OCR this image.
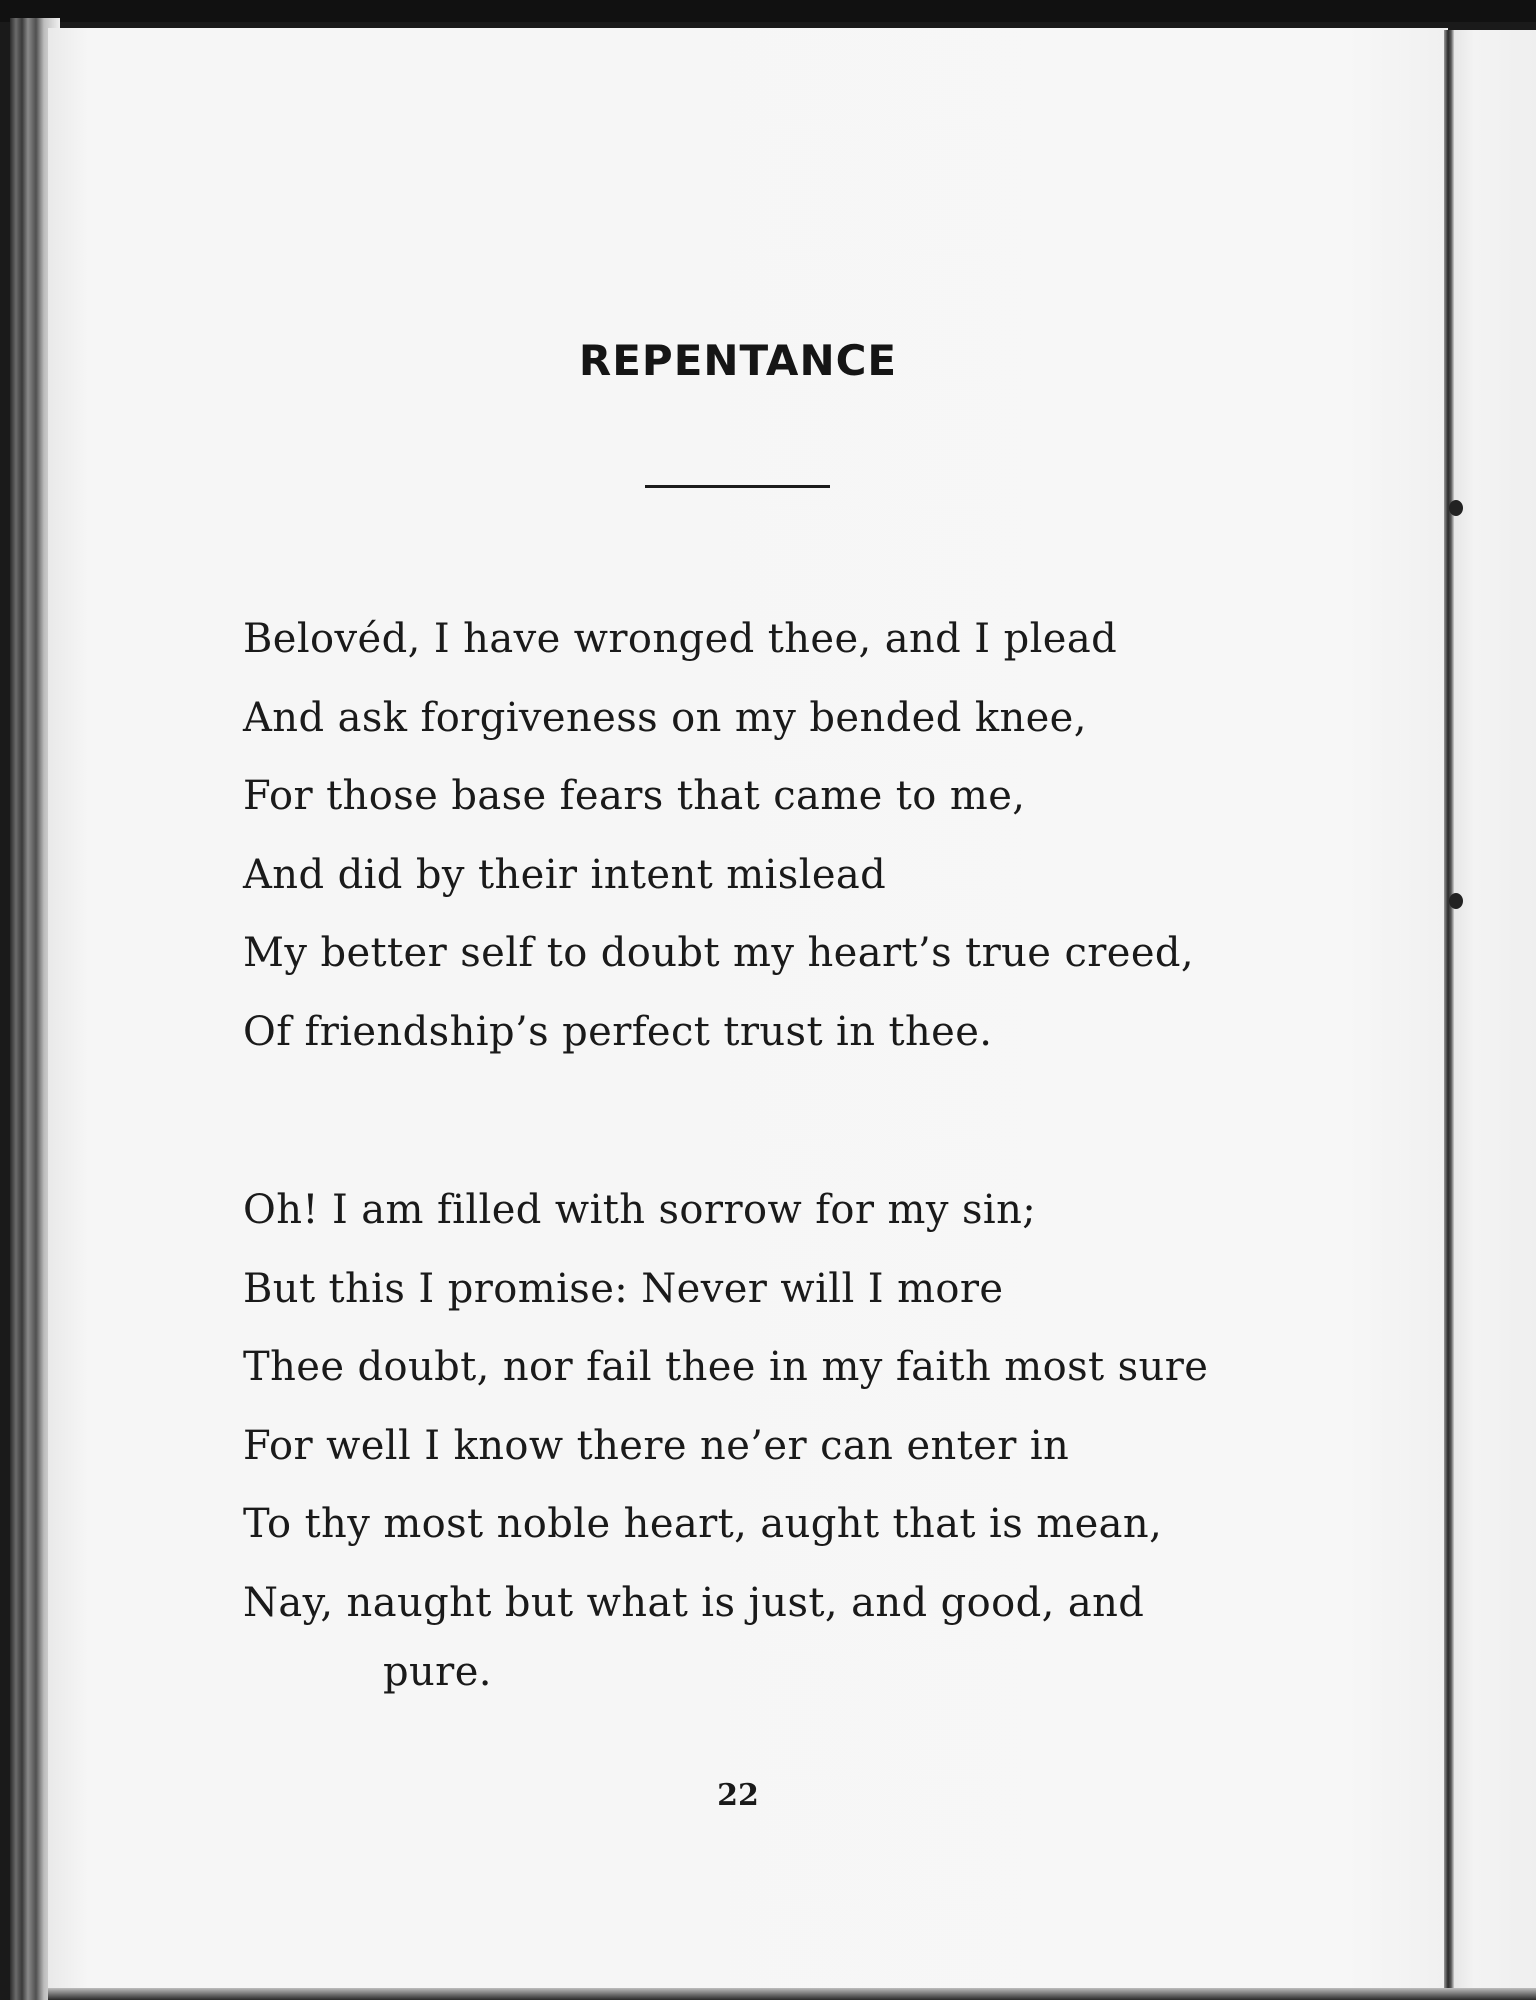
REPENTANCE
Belovéd, I have wronged thee, and I plead
And ask forgiveness on my bended knee,
For those base fears that came to me,
And did by their intent mislead
My better self to doubt my heart’s true creed,
Of friendship’s perfect trust in thee.
Oh! I am filled with sorrow for my sin;
But this I promise: Never will I more
Thee doubt, nor fail thee in my faith most sure
For well I know there ne’er can enter in
To thy most noble heart, aught that is mean,
Nay, naught but what is just, and good, and
pure.
22
